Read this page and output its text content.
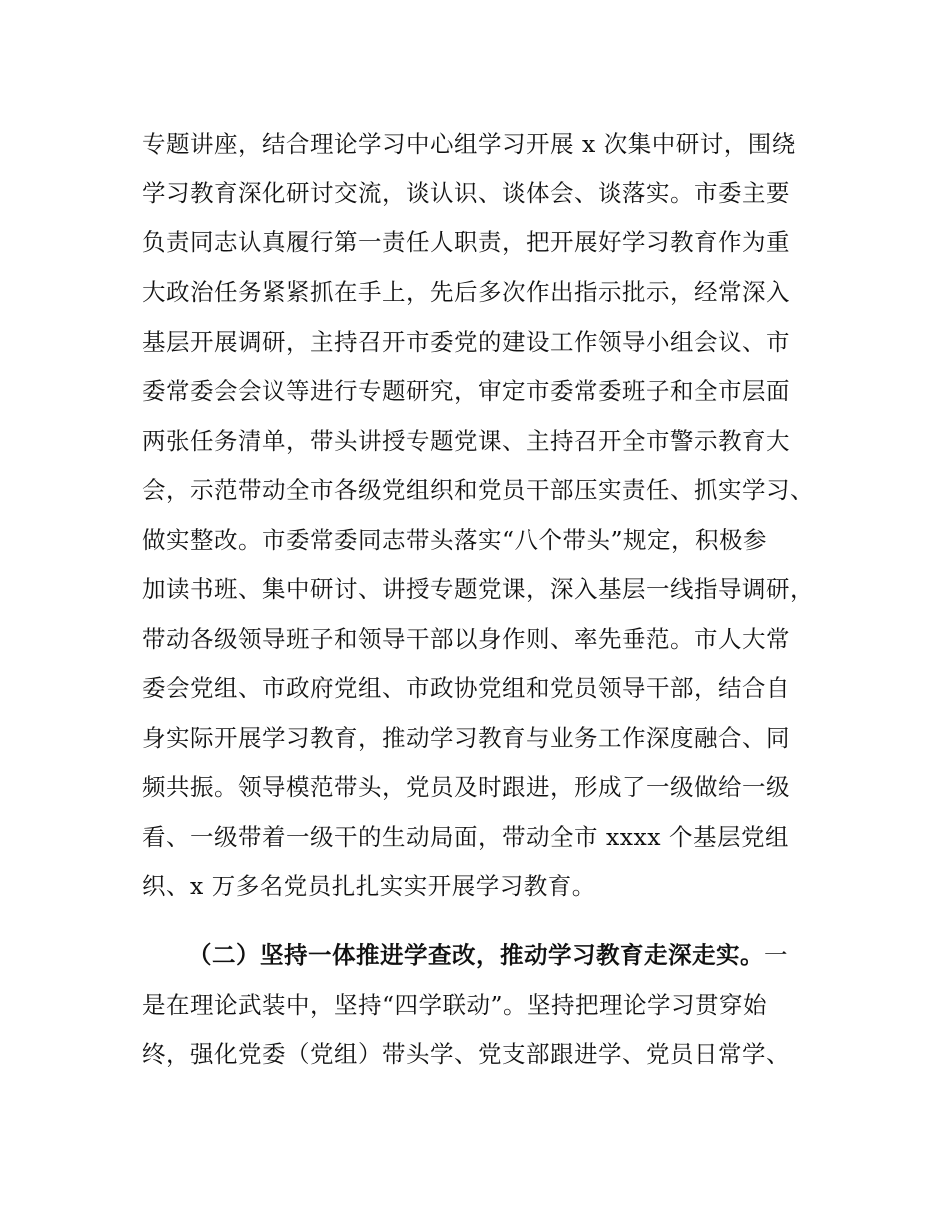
专题讲座，结合理论学习中心组学习开展 x 次集中研讨，围绕
学习教育深化研讨交流，谈认识、谈体会、谈落实。市委主要
负责同志认真履行第一责任人职责，把开展好学习教育作为重
大政治任务紧紧抓在手上，先后多次作出指示批示，经常深入
基层开展调研，主持召开市委党的建设工作领导小组会议、市
委常委会会议等进行专题研究，审定市委常委班子和全市层面
两张任务清单，带头讲授专题党课、主持召开全市警示教育大
会，示范带动全市各级党组织和党员干部压实责任、抓实学习、
做实整改。市委常委同志带头落实“八个带头”规定，积极参
加读书班、集中研讨、讲授专题党课，深入基层一线指导调研，
带动各级领导班子和领导干部以身作则、率先垂范。市人大常
委会党组、市政府党组、市政协党组和党员领导干部，结合自
身实际开展学习教育，推动学习教育与业务工作深度融合、同
频共振。领导模范带头，党员及时跟进，形成了一级做给一级
看、一级带着一级干的生动局面，带动全市 xxxx 个基层党组
织、x 万多名党员扎扎实实开展学习教育。
（二）坚持一体推进学查改，推动学习教育走深走实。一
是在理论武装中，坚持“四学联动”。坚持把理论学习贯穿始
终，强化党委（党组）带头学、党支部跟进学、党员日常学、
